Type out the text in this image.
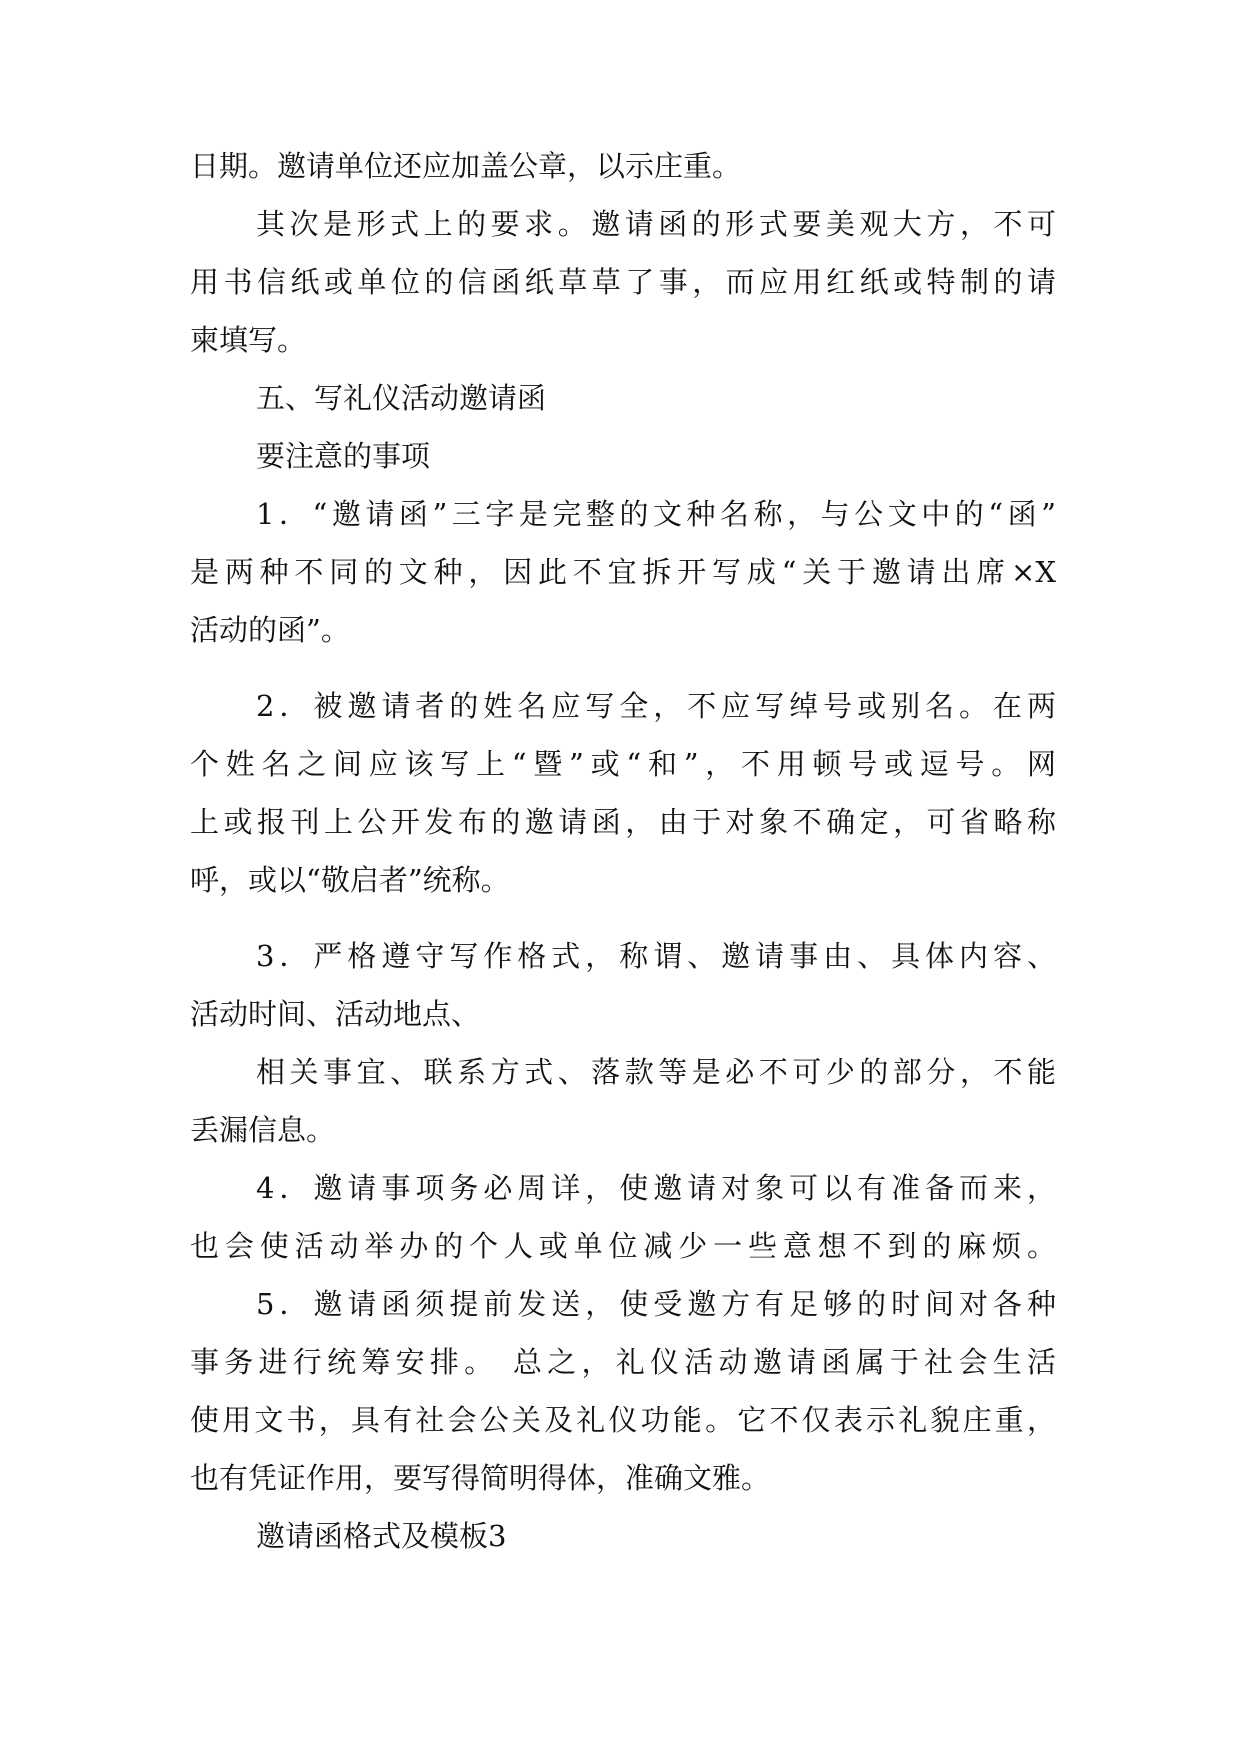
日期。邀请单位还应加盖公章，以示庄重。
其次是形式上的要求。邀请函的形式要美观大方，不可
用书信纸或单位的信函纸草草了事，而应用红纸或特制的请
柬填写。
五、写礼仪活动邀请函
要注意的事项
1．“邀请函”三字是完整的文种名称，与公文中的“函”
是两种不同的文种，因此不宜拆开写成“关于邀请出席×X
活动的函”。
2．被邀请者的姓名应写全，不应写绰号或别名。在两
个姓名之间应该写上“暨”或“和”，不用顿号或逗号。网
上或报刊上公开发布的邀请函，由于对象不确定，可省略称
呼，或以“敬启者”统称。
3．严格遵守写作格式，称谓、邀请事由、具体内容、
活动时间、活动地点、
相关事宜、联系方式、落款等是必不可少的部分，不能
丢漏信息。
4．邀请事项务必周详，使邀请对象可以有准备而来，
也会使活动举办的个人或单位减少一些意想不到的麻烦。
5．邀请函须提前发送，使受邀方有足够的时间对各种
事务进行统筹安排。 总之，礼仪活动邀请函属于社会生活
使用文书，具有社会公关及礼仪功能。它不仅表示礼貌庄重，
也有凭证作用，要写得简明得体，准确文雅。
邀请函格式及模板3
